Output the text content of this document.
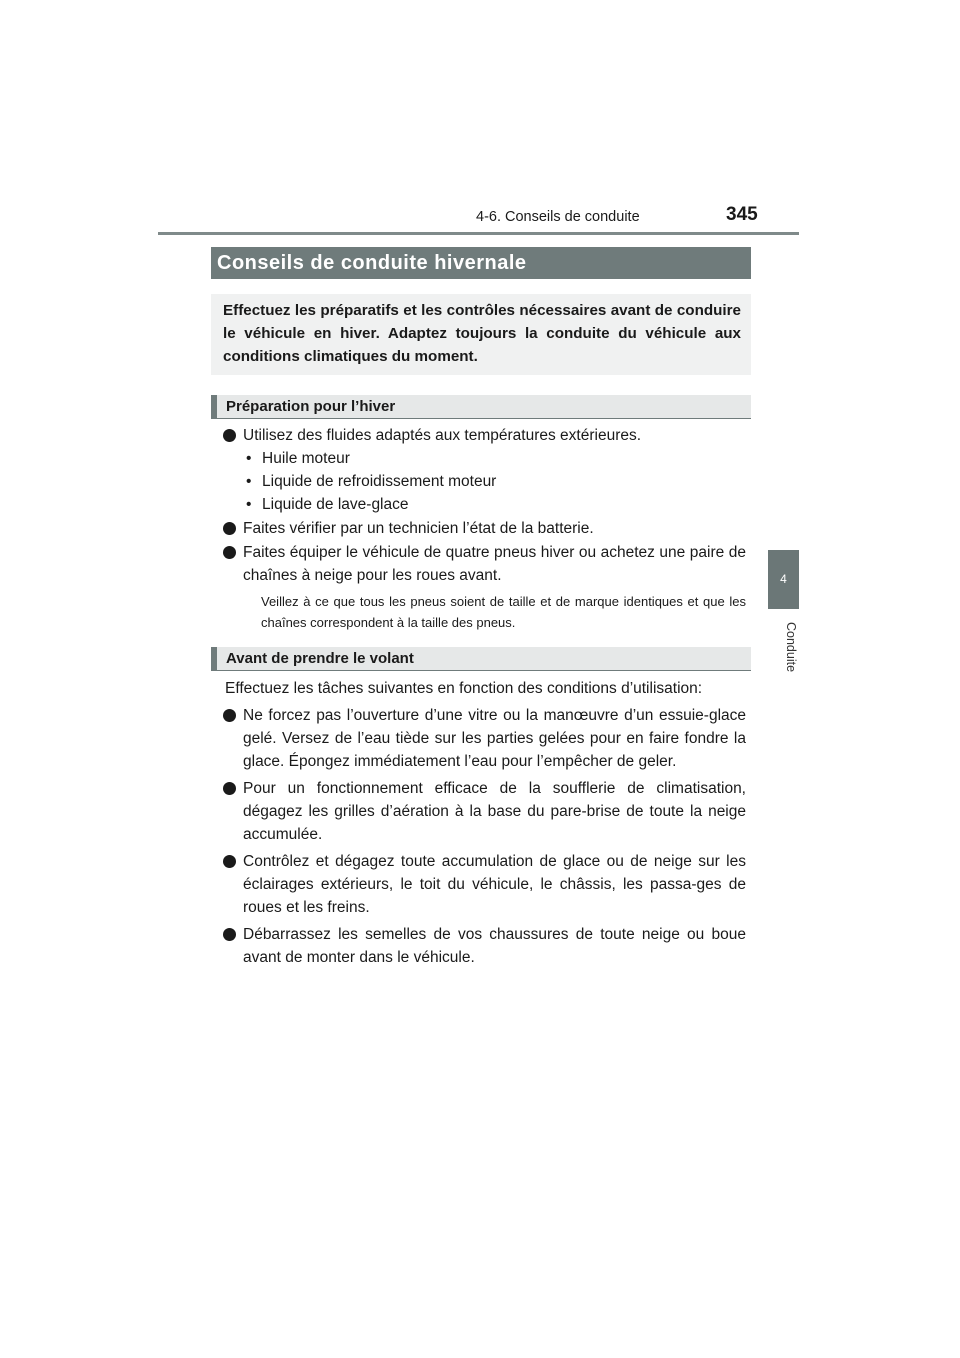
4-6. Conseils de conduite	345
4
Conduite
Conseils de conduite hivernale
Effectuez les préparatifs et les contrôles nécessaires avant de conduire le véhicule en hiver. Adaptez toujours la conduite du véhicule aux conditions climatiques du moment.
Préparation pour l’hiver
Utilisez des fluides adaptés aux températures extérieures.
• Huile moteur
• Liquide de refroidissement moteur
• Liquide de lave-glace
Faites vérifier par un technicien l’état de la batterie.
Faites équiper le véhicule de quatre pneus hiver ou achetez une paire de chaînes à neige pour les roues avant.
Veillez à ce que tous les pneus soient de taille et de marque identiques et que les chaînes correspondent à la taille des pneus.
Avant de prendre le volant
Effectuez les tâches suivantes en fonction des conditions d’utilisation:
Ne forcez pas l’ouverture d’une vitre ou la manœuvre d’un essuie-glace gelé. Versez de l’eau tiède sur les parties gelées pour en faire fondre la glace. Épongez immédiatement l’eau pour l’empêcher de geler.
Pour un fonctionnement efficace de la soufflerie de climatisation, dégagez les grilles d’aération à la base du pare-brise de toute la neige accumulée.
Contrôlez et dégagez toute accumulation de glace ou de neige sur les éclairages extérieurs, le toit du véhicule, le châssis, les passa-ges de roues et les freins.
Débarrassez les semelles de vos chaussures de toute neige ou boue avant de monter dans le véhicule.
